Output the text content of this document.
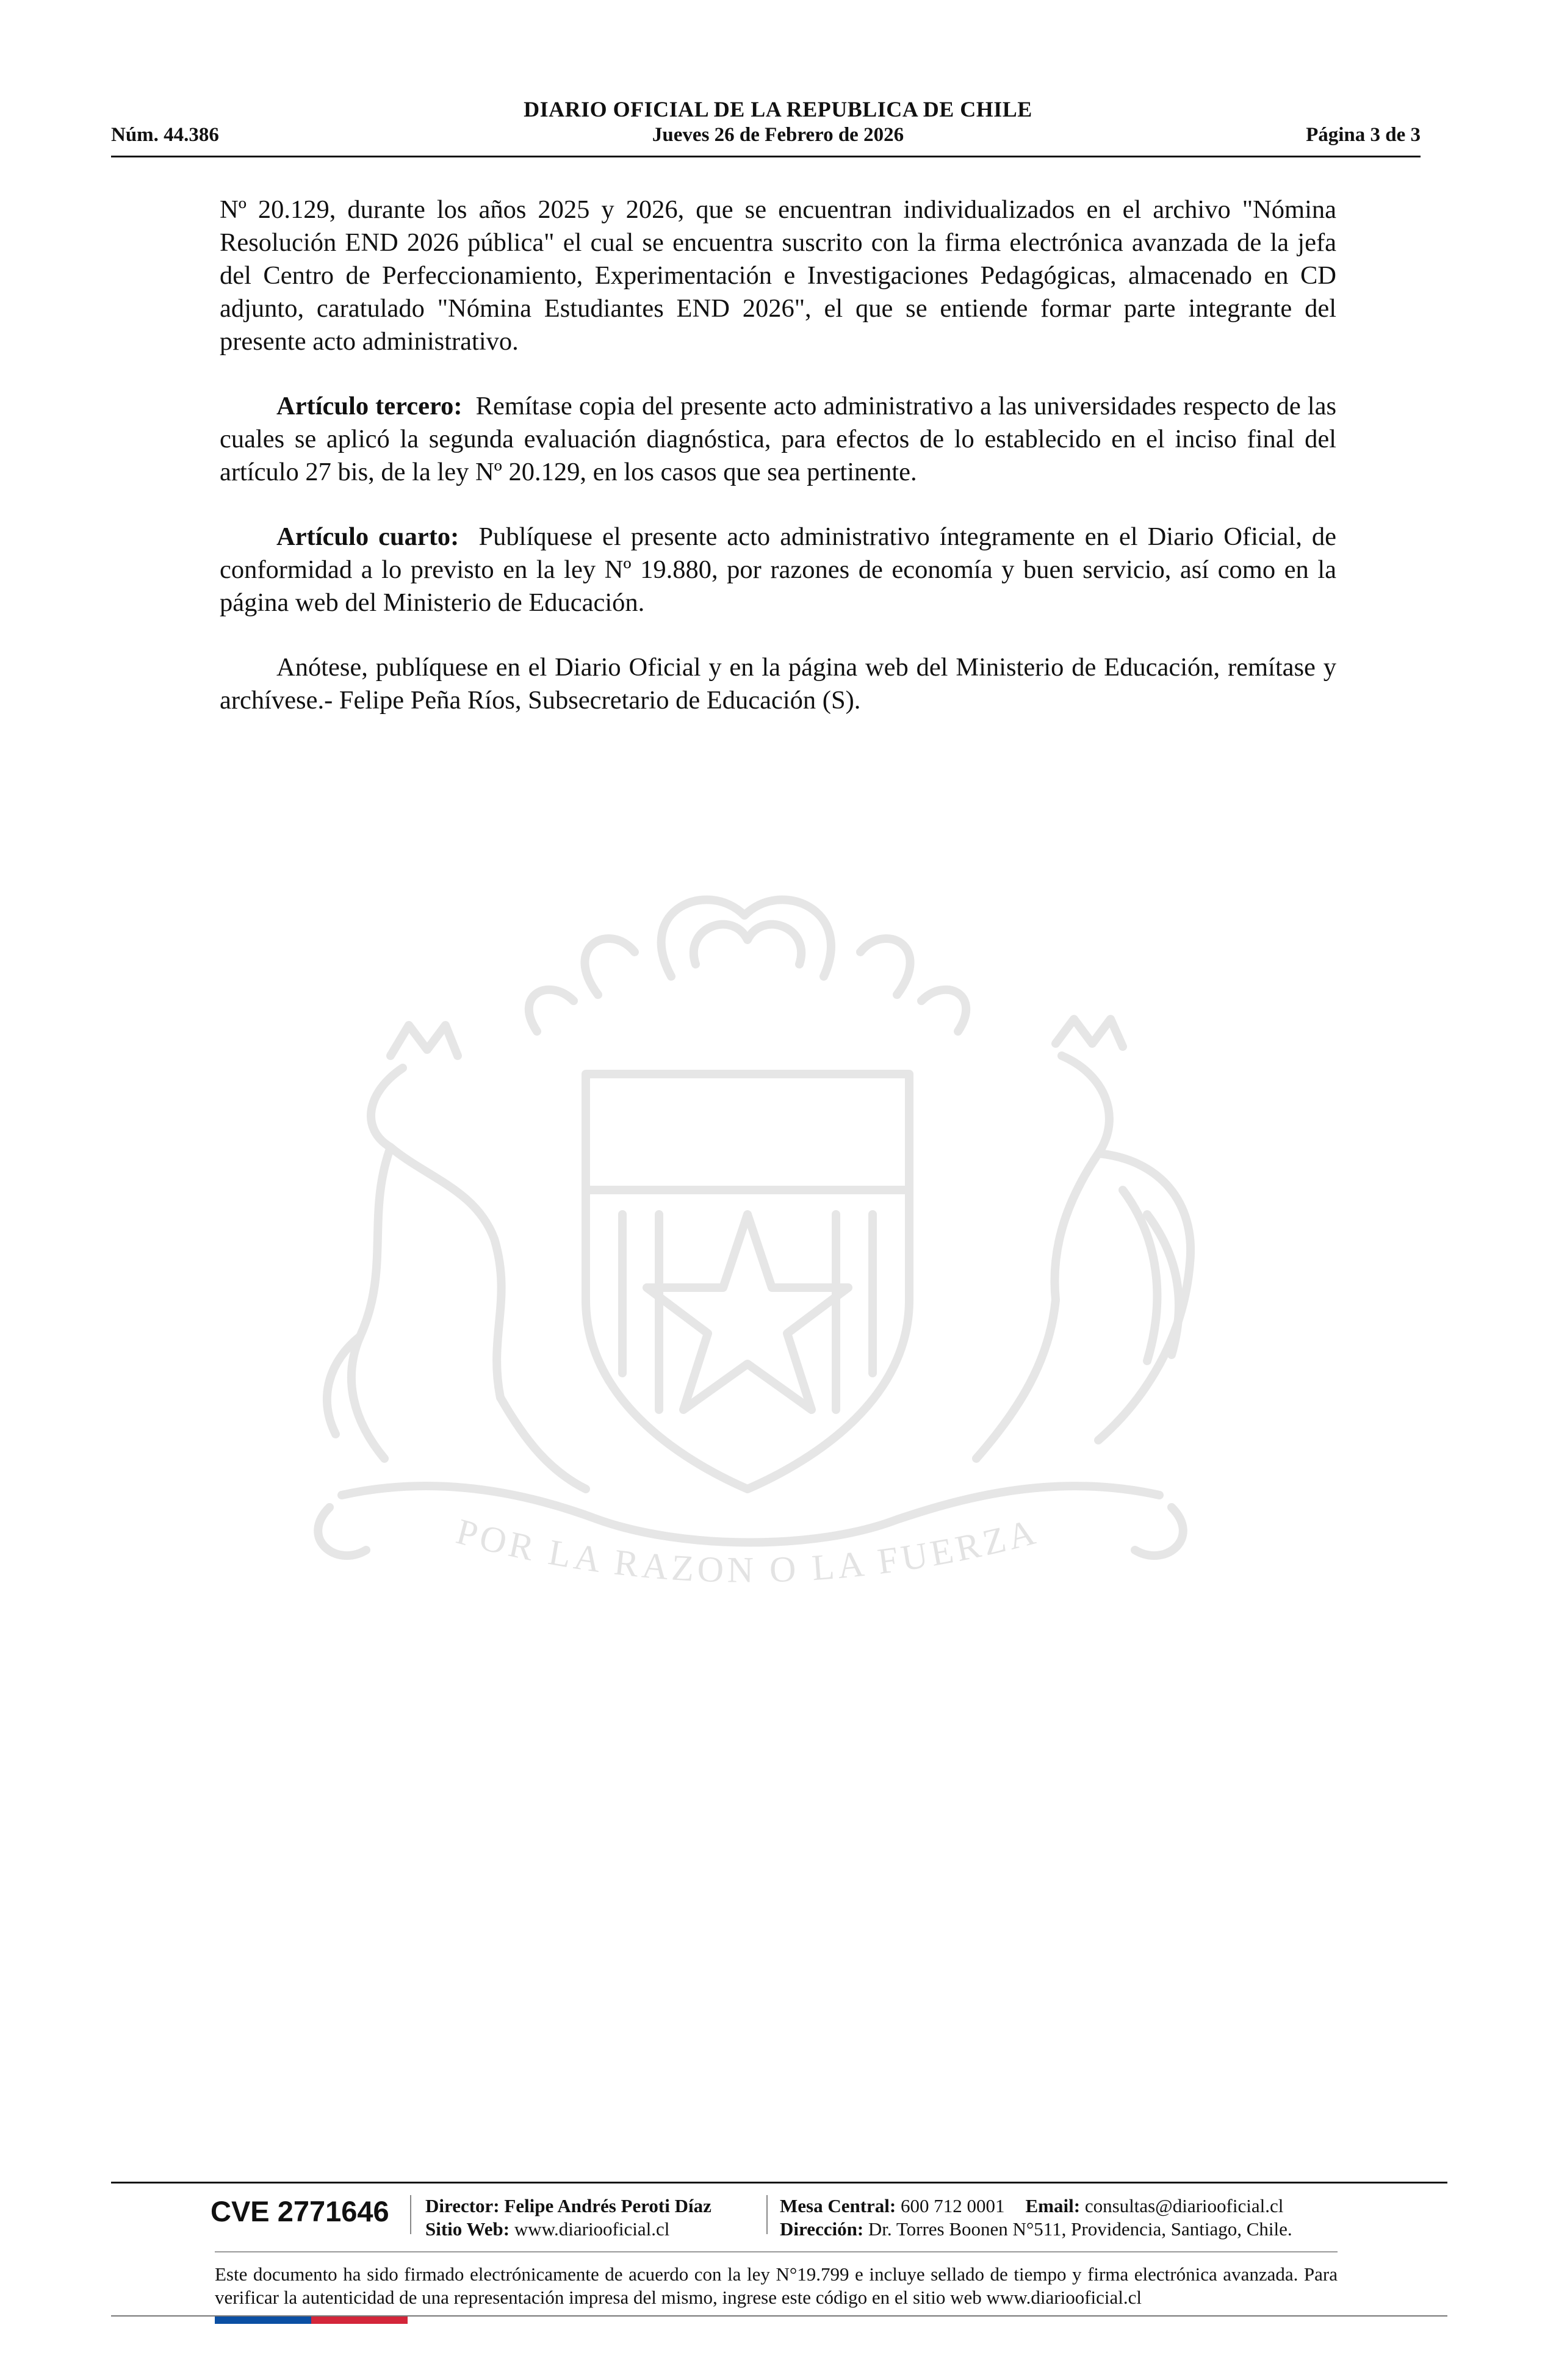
DIARIO OFICIAL DE LA REPUBLICA DE CHILE
Núm. 44.386	Jueves 26 de Febrero de 2026	Página 3 de 3
POR LA RAZON O LA FUERZA

Nº 20.129, durante los años 2025 y 2026, que se encuentran individualizados en el archivo "Nómina Resolución END 2026 pública" el cual se encuentra suscrito con la firma electrónica avanzada de la jefa del Centro de Perfeccionamiento, Experimentación e Investigaciones Pedagógicas, almacenado en CD adjunto, caratulado "Nómina Estudiantes END 2026", el que se entiende formar parte integrante del presente acto administrativo.

Artículo tercero: Remítase copia del presente acto administrativo a las universidades respecto de las cuales se aplicó la segunda evaluación diagnóstica, para efectos de lo establecido en el inciso final del artículo 27 bis, de la ley Nº 20.129, en los casos que sea pertinente.

Artículo cuarto: Publíquese el presente acto administrativo íntegramente en el Diario Oficial, de conformidad a lo previsto en la ley Nº 19.880, por razones de economía y buen servicio, así como en la página web del Ministerio de Educación.

Anótese, publíquese en el Diario Oficial y en la página web del Ministerio de Educación, remítase y archívese.- Felipe Peña Ríos, Subsecretario de Educación (S).

CVE 2771646 Director: Felipe Andrés Peroti Díaz
Sitio Web: www.diariooficial.cl
Mesa Central: 600 712 0001 Email: consultas@diariooficial.cl
Dirección: Dr. Torres Boonen N°511, Providencia, Santiago, Chile.
Este documento ha sido firmado electrónicamente de acuerdo con la ley N°19.799 e incluye sellado de tiempo y firma electrónica avanzada. Para verificar la autenticidad de una representación impresa del mismo, ingrese este código en el sitio web www.diariooficial.cl
